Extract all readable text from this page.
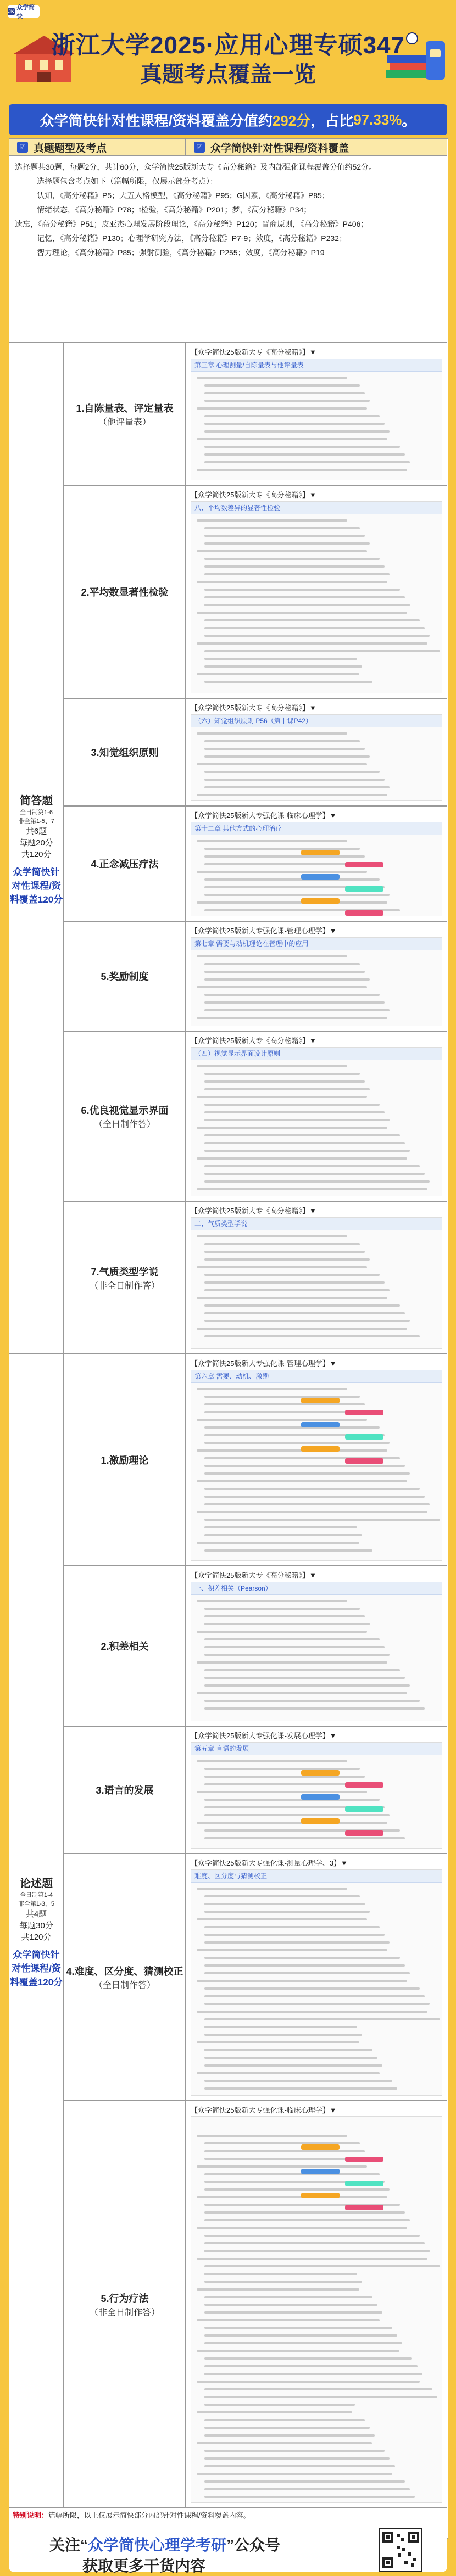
JK
众学简快
浙江大学2025·应用心理专硕347
真题考点覆盖一览
众学简快针对性课程/资料覆盖分值约 292分 ，占比 97.33% 。
☑ 真题题型及考点	☑ 众学简快针对性课程/资料覆盖

选择题共30题，每题2分，共计60分，众学简快25版新大专《高分秘籍》及内部强化课程覆盖分值约52分。

选择题包含考点如下（篇幅所限，仅展示部分考点）：

认知，《高分秘籍》P5；大五人格模型，《高分秘籍》P95；G因素，《高分秘籍》P85；

情绪状态，《高分秘籍》P78；t检验，《高分秘籍》P201；梦，《高分秘籍》P34；

遗忘，《高分秘籍》P51；皮亚杰心理发展阶段理论，《高分秘籍》P120；晋商原则，《高分秘籍》P406；

记忆，《高分秘籍》P130；心理学研究方法，《高分秘籍》P7-9；效度，《高分秘籍》P232；

智力理论，《高分秘籍》P85；强射测验，《高分秘籍》P255；效度，《高分秘籍》P19

简答题
全日制第1-6
非全第1-5、7
共6题
每题20分
共120分
众学简快针对性课程/资料覆盖120分
论述题
全日制第1-4
非全第1-3、5
共4题
每题30分
共120分
众学简快针对性课程/资料覆盖120分
1.自陈量表、评定量表
（他评量表）
【众学简快25版新大专《高分秘籍》】▼
第三章 心理测量/自陈量表与他评量表
2.平均数显著性检验
【众学简快25版新大专《高分秘籍》】▼
八、平均数差异的显著性检验
3.知觉组织原则
【众学简快25版新大专《高分秘籍》】▼
（六）知觉组织原则 P56（第十课P42）
4.正念减压疗法
【众学简快25版新大专强化课-临床心理学】▼
第十二章 其他方式的心理治疗
5.奖励制度
【众学简快25版新大专强化课-管理心理学】▼
第七章 需要与动机理论在管理中的应用
6.优良视觉显示界面
（全日制作答）
【众学简快25版新大专《高分秘籍》】▼
（四）视觉显示界面设计原则
7.气质类型学说
（非全日制作答）
【众学简快25版新大专《高分秘籍》】▼
二、气质类型学说
1.激励理论
【众学简快25版新大专强化课-管理心理学】▼
第六章 需要、动机、激励
2.积差相关
【众学简快25版新大专《高分秘籍》】▼
一、积差相关（Pearson）
3.语言的发展
【众学简快25版新大专强化课-发展心理学】▼
第五章 言语的发展
4.难度、区分度、猜测校正
（全日制作答）
【众学简快25版新大专强化课-测量心理学、3】▼
难度、区分度与猜测校正
5.行为疗法
（非全日制作答）
【众学简快25版新大专强化课-临床心理学】▼
特别说明：篇幅所限，以上仅展示简快部分内部针对性课程/资料覆盖内容。
关注“众学简快心理学考研”公众号
获取更多干货内容
